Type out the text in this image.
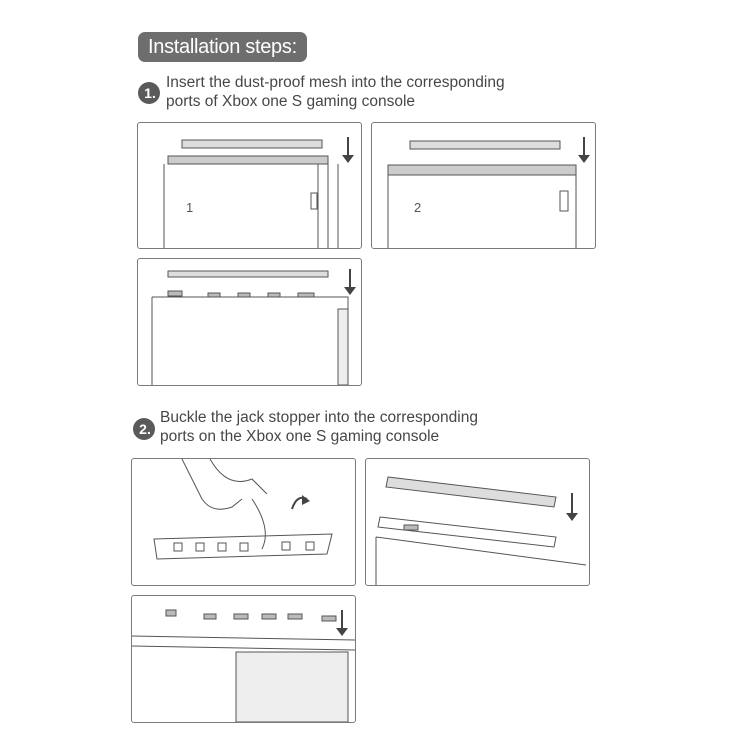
Installation steps:
1.
Insert the dust-proof mesh into the corresponding
ports of Xbox one S gaming console
1	2
2.
Buckle the jack stopper into the corresponding
ports on the Xbox one S gaming console
